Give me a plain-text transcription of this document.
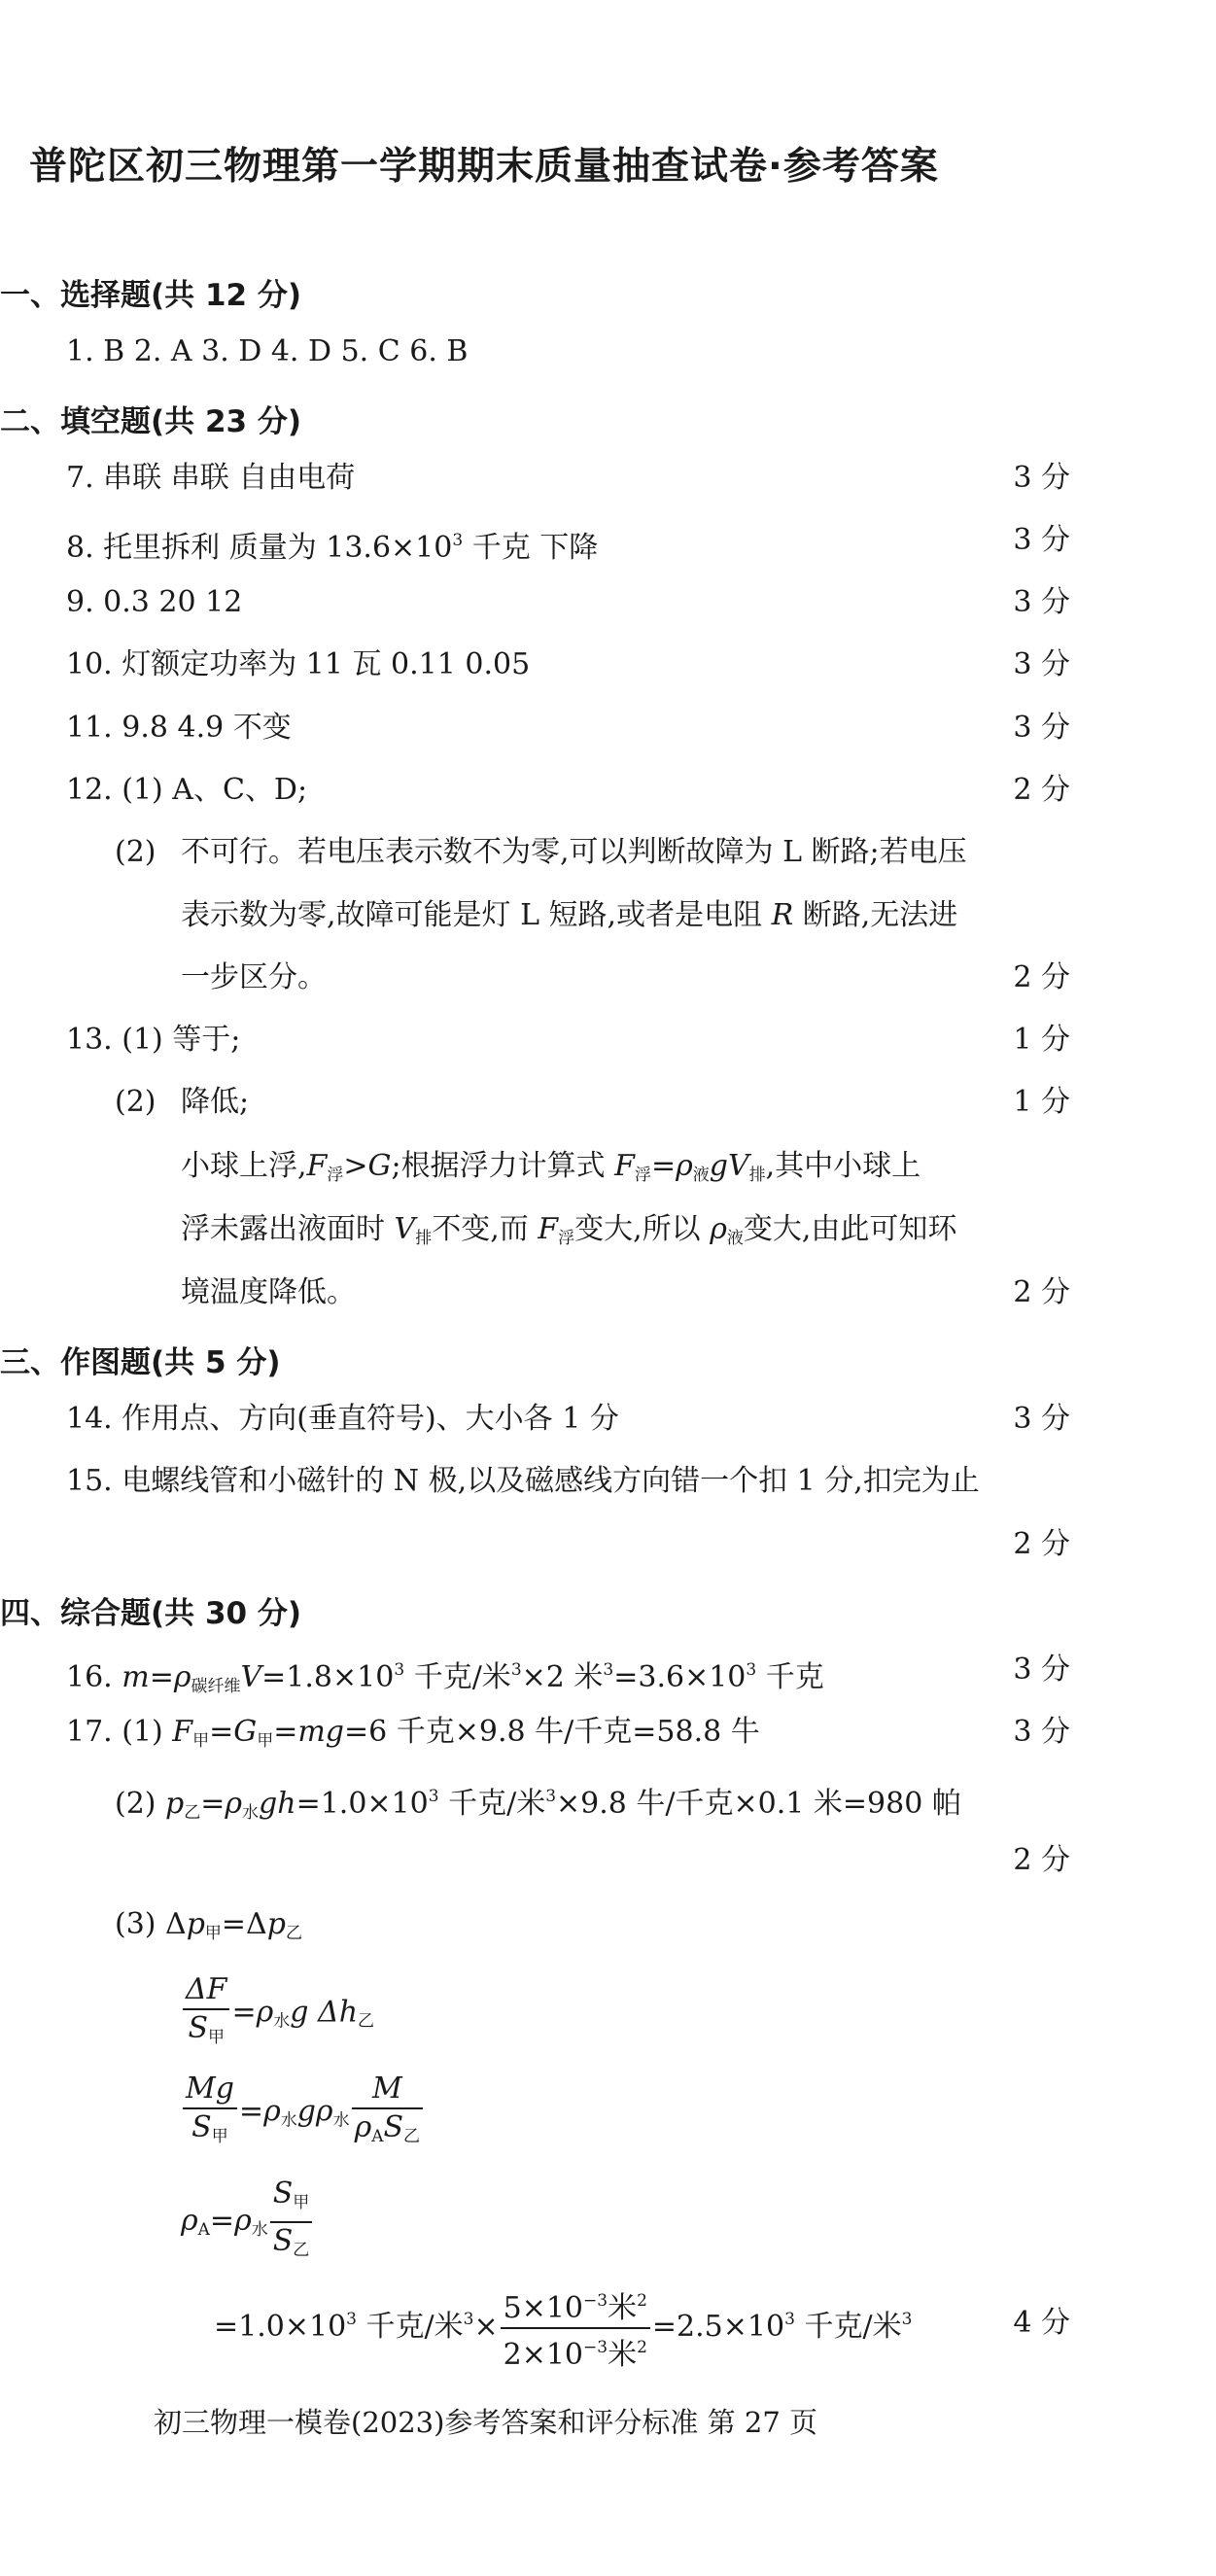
普陀区初三物理第一学期期末质量抽查试卷·参考答案
一、选择题(共 12 分)
1. B 2. A 3. D 4. D 5. C 6. B
二、填空题(共 23 分)
7. 串联 串联 自由电荷	3 分
8. 托里拆利 质量为 $13.6\times 10^3$ 千克 下降	3 分
9. 0.3 20 12	3 分
10. 灯额定功率为 11 瓦 0.11 0.05	3 分
11. 9.8 4.9 不变	3 分
12. (1) A、C、D;	2 分
(2) 不可行。若电压表示数不为零,可以判断故障为 L 断路;若电压
表示数为零,故障可能是灯 L 短路,或者是电阻 R 断路,无法进
一步区分。	2 分
13. (1) 等于;	1 分
(2) 降低;	1 分
小球上浮$,F_浮>G$;根据浮力计算式 $F_浮=\rho_液gV_排$,其中小球上
浮未露出液面时 $V_排$不变,而 $F_浮$变大,所以 $\rho_液$变大,由此可知环
境温度降低。	2 分
三、作图题(共 5 分)
14. 作用点、方向(垂直符号)、大小各 1 分	3 分
15. 电螺线管和小磁针的 N 极,以及磁感线方向错一个扣 1 分,扣完为止
2 分
四、综合题(共 30 分)
16. $m=\rho_{碳纤维}V=1.8\times 10^3$ 千克/米$^3$×2 米$^3=3.6\times 10^3$ 千克	3 分
17. (1) $F_甲=G_甲=mg=6$ 千克×9.8 牛/千克=58.8 牛	3 分
(2) $p_乙=\rho_水gh=1.0\times 10^3$ 千克/米$^3$×9.8 牛/千克×0.1 米=980 帕
2 分
(3) $\Delta p_甲=\Delta p_乙$
$\frac{\Delta F}{S_甲} =\rho_水g$ $\Delta h_乙$
$\frac{Mg}{S_甲} =\rho_水g\rho_水 \frac{M}{\rho_AS_乙}$
$\rho_A=\rho_水 \frac{S_甲}{S_乙}$
$=1.0\times 10^3$ 千克/米$^3\times \frac{5\times 10^{-3}米^2}{2\times 10^{-3}米^2} =2.5\times 10^3$ 千克/米$^3$	4 分
初三物理一模卷(2023)参考答案和评分标准 第 27 页
